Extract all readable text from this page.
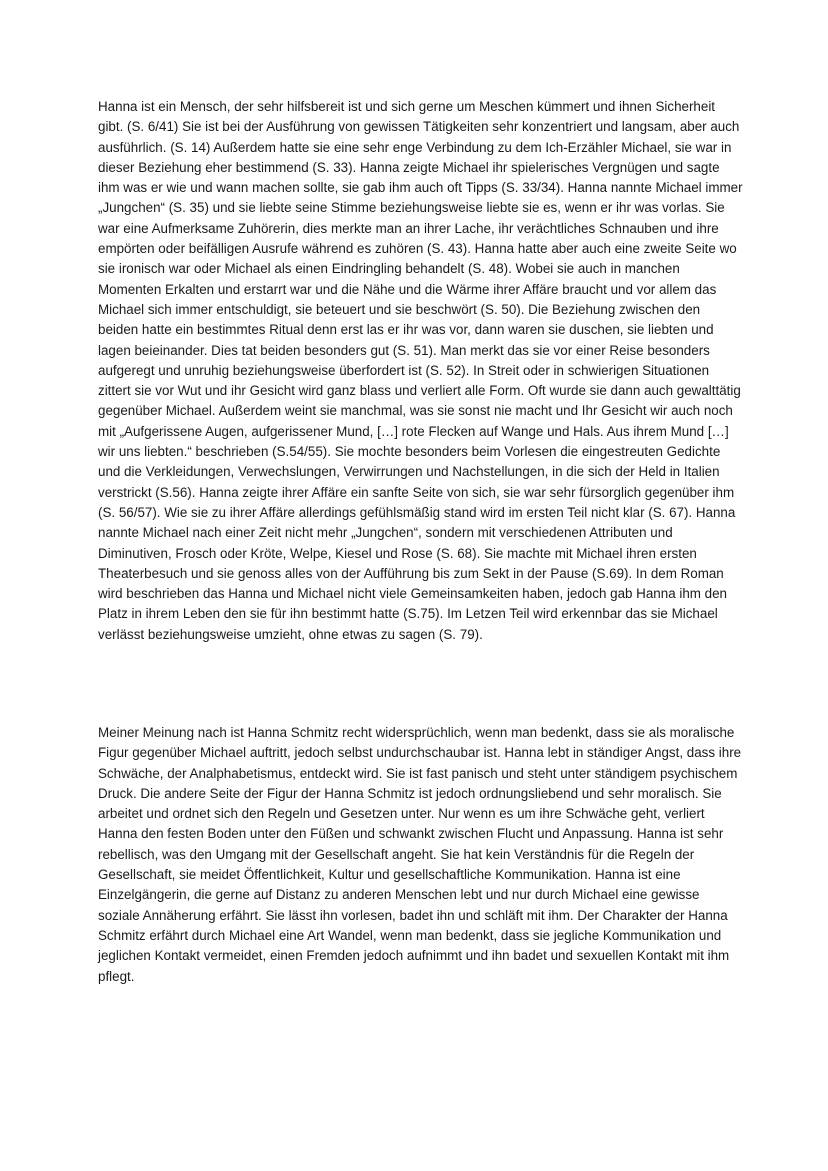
Hanna ist ein Mensch, der sehr hilfsbereit ist und sich gerne um Meschen kümmert und ihnen Sicherheit gibt. (S. 6/41) Sie ist bei der Ausführung von gewissen Tätigkeiten sehr konzentriert und langsam, aber auch ausführlich. (S. 14) Außerdem hatte sie eine sehr enge Verbindung zu dem Ich-Erzähler Michael, sie war in dieser Beziehung eher bestimmend (S. 33). Hanna zeigte Michael ihr spielerisches Vergnügen und sagte ihm was er wie und wann machen sollte, sie gab ihm auch oft Tipps (S. 33/34). Hanna nannte Michael immer „Jungchen“ (S. 35) und sie liebte seine Stimme beziehungsweise liebte sie es, wenn er ihr was vorlas. Sie war eine Aufmerksame Zuhörerin, dies merkte man an ihrer Lache, ihr verächtliches Schnauben und ihre empörten oder beifälligen Ausrufe während es zuhören (S. 43). Hanna hatte aber auch eine zweite Seite wo sie ironisch war oder Michael als einen Eindringling behandelt (S. 48). Wobei sie auch in manchen Momenten Erkalten und erstarrt war und die Nähe und die Wärme ihrer Affäre braucht und vor allem das Michael sich immer entschuldigt, sie beteuert und sie beschwört (S. 50). Die Beziehung zwischen den beiden hatte ein bestimmtes Ritual denn erst las er ihr was vor, dann waren sie duschen, sie liebten und lagen beieinander. Dies tat beiden besonders gut (S. 51). Man merkt das sie vor einer Reise besonders aufgeregt und unruhig beziehungsweise überfordert ist (S. 52). In Streit oder in schwierigen Situationen zittert sie vor Wut und ihr Gesicht wird ganz blass und verliert alle Form. Oft wurde sie dann auch gewalttätig gegenüber Michael. Außerdem weint sie manchmal, was sie sonst nie macht und Ihr Gesicht wir auch noch mit „Aufgerissene Augen, aufgerissener Mund, […] rote Flecken auf Wange und Hals. Aus ihrem Mund […] wir uns liebten.“ beschrieben (S.54/55). Sie mochte besonders beim Vorlesen die eingestreuten Gedichte und die Verkleidungen, Verwechslungen, Verwirrungen und Nachstellungen, in die sich der Held in Italien verstrickt (S.56). Hanna zeigte ihrer Affäre ein sanfte Seite von sich, sie war sehr fürsorglich gegenüber ihm (S. 56/57). Wie sie zu ihrer Affäre allerdings gefühlsmäßig stand wird im ersten Teil nicht klar (S. 67). Hanna nannte Michael nach einer Zeit nicht mehr „Jungchen“, sondern mit verschiedenen Attributen und Diminutiven, Frosch oder Kröte, Welpe, Kiesel und Rose (S. 68). Sie machte mit Michael ihren ersten Theaterbesuch und sie genoss alles von der Aufführung bis zum Sekt in der Pause (S.69). In dem Roman wird beschrieben das Hanna und Michael nicht viele Gemeinsamkeiten haben, jedoch gab Hanna ihm den Platz in ihrem Leben den sie für ihn bestimmt hatte (S.75). Im Letzen Teil wird erkennbar das sie Michael verlässt beziehungsweise umzieht, ohne etwas zu sagen (S. 79).

Meiner Meinung nach ist Hanna Schmitz recht widersprüchlich, wenn man bedenkt, dass sie als moralische Figur gegenüber Michael auftritt, jedoch selbst undurchschaubar ist. Hanna lebt in ständiger Angst, dass ihre Schwäche, der Analphabetismus, entdeckt wird. Sie ist fast panisch und steht unter ständigem psychischem Druck. Die andere Seite der Figur der Hanna Schmitz ist jedoch ordnungsliebend und sehr moralisch. Sie arbeitet und ordnet sich den Regeln und Gesetzen unter. Nur wenn es um ihre Schwäche geht, verliert Hanna den festen Boden unter den Füßen und schwankt zwischen Flucht und Anpassung. Hanna ist sehr rebellisch, was den Umgang mit der Gesellschaft angeht. Sie hat kein Verständnis für die Regeln der Gesellschaft, sie meidet Öffentlichkeit, Kultur und gesellschaftliche Kommunikation. Hanna ist eine Einzelgängerin, die gerne auf Distanz zu anderen Menschen lebt und nur durch Michael eine gewisse soziale Annäherung erfährt. Sie lässt ihn vorlesen, badet ihn und schläft mit ihm. Der Charakter der Hanna Schmitz erfährt durch Michael eine Art Wandel, wenn man bedenkt, dass sie jegliche Kommunikation und jeglichen Kontakt vermeidet, einen Fremden jedoch aufnimmt und ihn badet und sexuellen Kontakt mit ihm pflegt.
